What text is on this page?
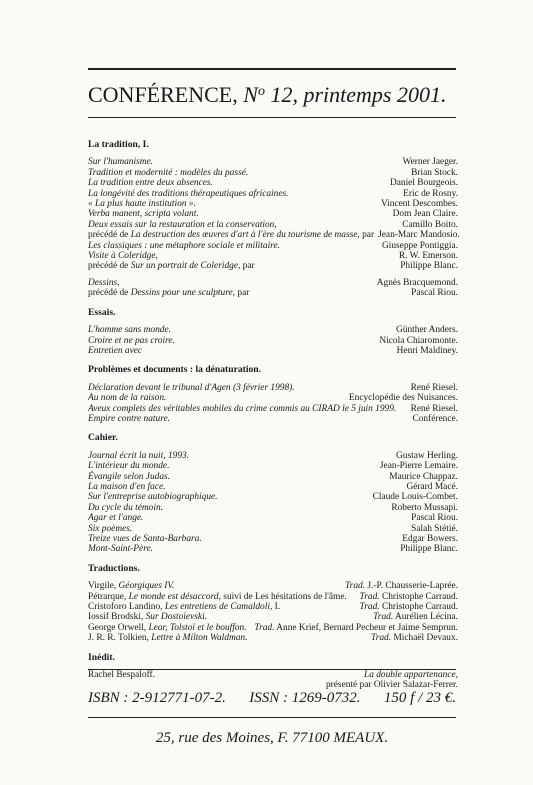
CONFÉRENCE, $N^o$ 12, printemps 2001.
La tradition, I.
Sur l'humanisme.	Werner Jaeger.
Tradition et modernité : modèles du passé.	Brian Stock.
La tradition entre deux absences.	Daniel Bourgeois.
La longévité des traditions thérapeutiques africaines.	Eric de Rosny.
« La plus haute institution ».	Vincent Descombes.
Verba manent, scripta volant.	Dom Jean Claire.
Deux essais sur la restauration et la conservation,	Camillo Boito.
précédé de La destruction des œuvres d'art à l'ère du tourisme de masse, par Jean-Marc Mandosio.
Les classiques : une métaphore sociale et militaire.	Giuseppe Pontiggia.
Visite à Coleridge,	R. W. Emerson.
précédé de Sur un portrait de Coleridge, par	Philippe Blanc.
Dessins,	Agnès Bracquemond.
précédé de Dessins pour une sculpture, par	Pascal Riou.
Essais.
L'homme sans monde.	Günther Anders.
Croire et ne pas croire.	Nicola Chiaromonte.
Entretien avec	Henri Maldiney.
Problèmes et documents : la dénaturation.
Déclaration devant le tribunal d'Agen (3 février 1998).	René Riesel.
Au nom de la raison.	Encyclopédie des Nuisances.
Aveux complets des véritables mobiles du crime commis au CIRAD le 5 juin 1999.	René Riesel.
Empire contre nature.	Conférence.
Cahier.
Journal écrit la nuit, 1993.	Gustaw Herling.
L'intérieur du monde.	Jean-Pierre Lemaire.
Évangile selon Judas.	Maurice Chappaz.
La maison d'en face.	Gérard Macé.
Sur l'entreprise autobiographique.	Claude Louis-Combet.
Du cycle du témoin.	Roberto Mussapi.
Agar et l'ange.	Pascal Riou.
Six poèmes.	Salah Stétié.
Treize vues de Santa-Barbara.	Edgar Bowers.
Mont-Saint-Père.	Philippe Blanc.
Traductions.
Virgile, Géorgiques IV.	Trad. J.-P. Chausserie-Laprée.
Pétrarque, Le monde est désaccord, suivi de Les hésitations de l'âme.	Trad. Christophe Carraud.
Cristoforo Landino, Les entretiens de Camaldoli, I.	Trad. Christophe Carraud.
Iossif Brodski, Sur Dostoïevski.	Trad. Aurélien Lécina.
George Orwell, Lear, Tolstoï et le bouffon. Trad. Anne Krief, Bernard Pecheur et Jaime Semprun.
J. R. R. Tolkien, Lettre à Milton Waldman.	Trad. Michaël Devaux.
Inédit.
Rachel Bespaloff.	La double appartenance,
présenté par Olivier Salazar-Ferrer.
ISBN : 2-912771-07-2. ISSN : 1269-0732. 150 f / 23 €.
25, rue des Moines, F. 77100 MEAUX.
